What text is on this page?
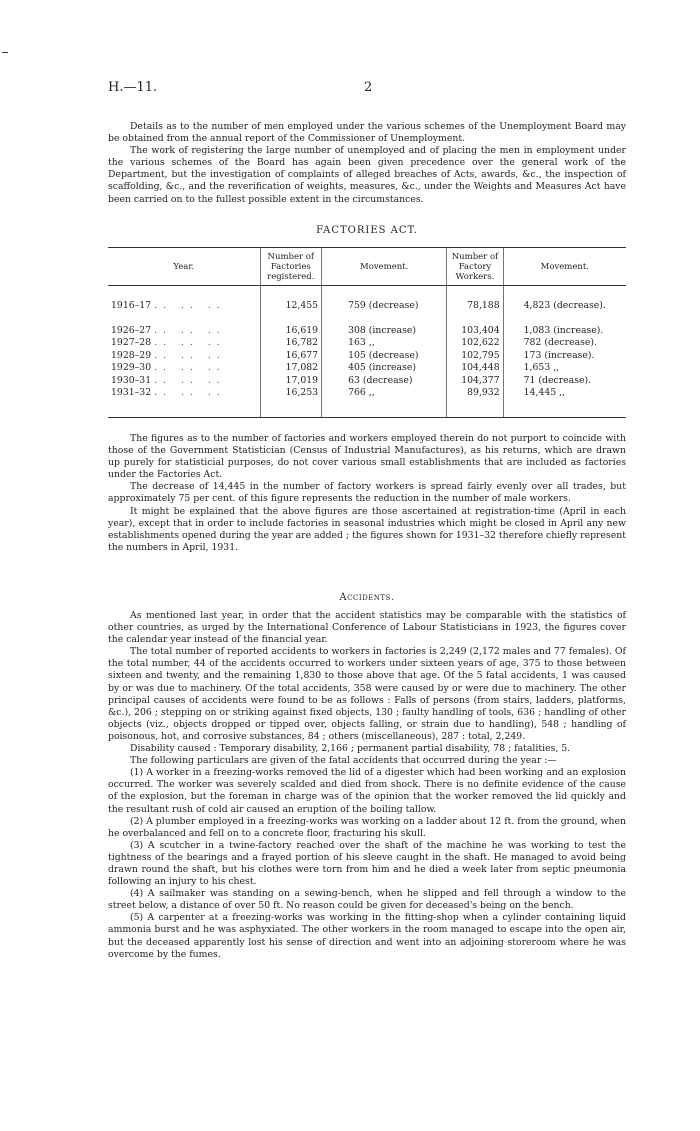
H.—11.	2

Details as to the number of men employed under the various schemes of the Unemployment Board may be obtained from the annual report of the Commissioner of Unemployment.

The work of registering the large number of unemployed and of placing the men in employment under the various schemes of the Board has again been given precedence over the general work of the Department, but the investigation of complaints of alleged breaches of Acts, awards, &c., the inspection of scaffolding, &c., and the reverification of weights, measures, &c., under the Weights and Measures Act have been carried on to the fullest possible extent in the circumstances.

FACTORIES ACT.
Year.	Number of Factories registered.	Movement.	Number of Factory Workers.	Movement.

1916–17 .. .. ..	12,455	759 (decrease)	78,188	4,823 (decrease).

1926–27 .. .. ..	16,619	308 (increase)	103,404	1,083 (increase).
1927–28 .. .. ..	16,782	163 ,,	102,622	782 (decrease).
1928–29 .. .. ..	16,677	105 (decrease)	102,795	173 (increase).
1929–30 .. .. ..	17,082	405 (increase)	104,448	1,653 ,,
1930–31 .. .. ..	17,019	63 (decrease)	104,377	71 (decrease).
1931–32 .. .. ..	16,253	766 ,,	89,932	14,445 ,,

The figures as to the number of factories and workers employed therein do not purport to coincide with those of the Government Statistician (Census of Industrial Manufactures), as his returns, which are drawn up purely for statisticial purposes, do not cover various small establishments that are included as factories under the Factories Act.

The decrease of 14,445 in the number of factory workers is spread fairly evenly over all trades, but approximately 75 per cent. of this figure represents the reduction in the number of male workers.

It might be explained that the above figures are those ascertained at registration-time (April in each year), except that in order to include factories in seasonal industries which might be closed in April any new establishments opened during the year are added ; the figures shown for 1931–32 therefore chiefly represent the numbers in April, 1931.

Accidents.

As mentioned last year, in order that the accident statistics may be comparable with the statistics of other countries, as urged by the International Conference of Labour Statisticians in 1923, the figures cover the calendar year instead of the financial year.

The total number of reported accidents to workers in factories is 2,249 (2,172 males and 77 females). Of the total number, 44 of the accidents occurred to workers under sixteen years of age, 375 to those between sixteen and twenty, and the remaining 1,830 to those above that age. Of the 5 fatal accidents, 1 was caused by or was due to machinery. Of the total accidents, 358 were caused by or were due to machinery. The other principal causes of accidents were found to be as follows : Falls of persons (from stairs, ladders, platforms, &c.), 206 ; stepping on or striking against fixed objects, 130 ; faulty handling of tools, 636 ; handling of other objects (viz., objects dropped or tipped over, objects falling, or strain due to handling), 548 ; handling of poisonous, hot, and corrosive substances, 84 ; others (miscellaneous), 287 : total, 2,249.

Disability caused : Temporary disability, 2,166 ; permanent partial disability, 78 ; fatalities, 5.

The following particulars are given of the fatal accidents that occurred during the year :—

(1) A worker in a freezing-works removed the lid of a digester which had been working and an explosion occurred. The worker was severely scalded and died from shock. There is no definite evidence of the cause of the explosion, but the foreman in charge was of the opinion that the worker removed the lid quickly and the resultant rush of cold air caused an eruption of the boiling tallow.

(2) A plumber employed in a freezing-works was working on a ladder about 12 ft. from the ground, when he overbalanced and fell on to a concrete floor, fracturing his skull.

(3) A scutcher in a twine-factory reached over the shaft of the machine he was working to test the tightness of the bearings and a frayed portion of his sleeve caught in the shaft. He managed to avoid being drawn round the shaft, but his clothes were torn from him and he died a week later from septic pneumonia following an injury to his chest.

(4) A sailmaker was standing on a sewing-bench, when he slipped and fell through a window to the street below, a distance of over 50 ft. No reason could be given for deceased's being on the bench.

(5) A carpenter at a freezing-works was working in the fitting-shop when a cylinder containing liquid ammonia burst and he was asphyxiated. The other workers in the room managed to escape into the open air, but the deceased apparently lost his sense of direction and went into an adjoining storeroom where he was overcome by the fumes.
